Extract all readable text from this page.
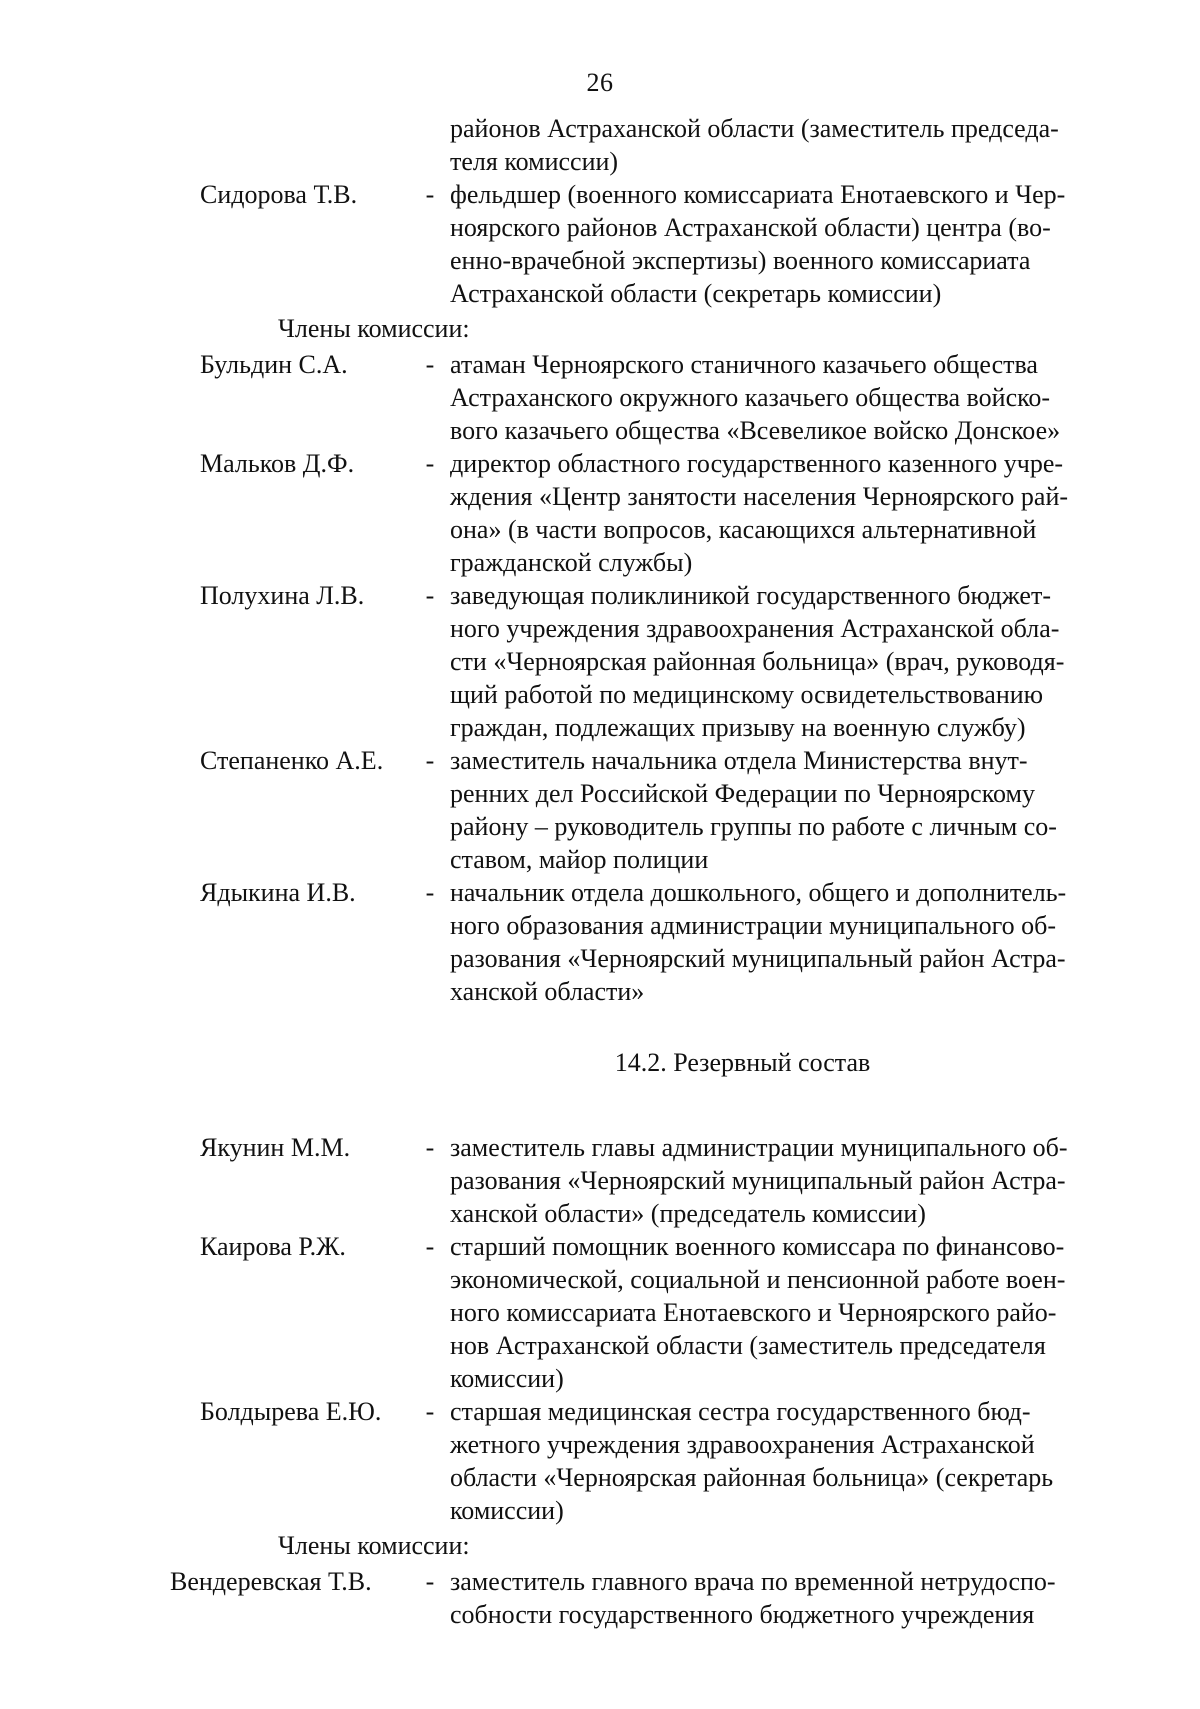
26
районов Астраханской области (заместитель председа-
теля комиссии)
Сидорова Т.В.	- фельдшер (военного комиссариата Енотаевского и Чер-
ноярского районов Астраханской области) центра (во-
енно-врачебной экспертизы) военного комиссариата
Астраханской области (секретарь комиссии)
Члены комиссии:
Бульдин С.А.	- атаман Черноярского станичного казачьего общества
Астраханского окружного казачьего общества войско-
вого казачьего общества «Всевеликое войско Донское»
Мальков Д.Ф.	- директор областного государственного казенного учре-
ждения «Центр занятости населения Черноярского рай-
она» (в части вопросов, касающихся альтернативной
гражданской службы)
Полухина Л.В.	- заведующая поликлиникой государственного бюджет-
ного учреждения здравоохранения Астраханской обла-
сти «Черноярская районная больница» (врач, руководя-
щий работой по медицинскому освидетельствованию
граждан, подлежащих призыву на военную службу)
Степаненко А.Е.	- заместитель начальника отдела Министерства внут-
ренних дел Российской Федерации по Черноярскому
району – руководитель группы по работе с личным со-
ставом, майор полиции
Ядыкина И.В.	- начальник отдела дошкольного, общего и дополнитель-
ного образования администрации муниципального об-
разования «Черноярский муниципальный район Астра-
ханской области»
14.2. Резервный состав
Якунин М.М.	- заместитель главы администрации муниципального об-
разования «Черноярский муниципальный район Астра-
ханской области» (председатель комиссии)
Каирова Р.Ж.	- старший помощник военного комиссара по финансово-
экономической, социальной и пенсионной работе воен-
ного комиссариата Енотаевского и Черноярского райо-
нов Астраханской области (заместитель председателя
комиссии)
Болдырева Е.Ю.	- старшая медицинская сестра государственного бюд-
жетного учреждения здравоохранения Астраханской
области «Черноярская районная больница» (секретарь
комиссии)
Члены комиссии:
Вендеревская Т.В.	- заместитель главного врача по временной нетрудоспо-
собности государственного бюджетного учреждения
